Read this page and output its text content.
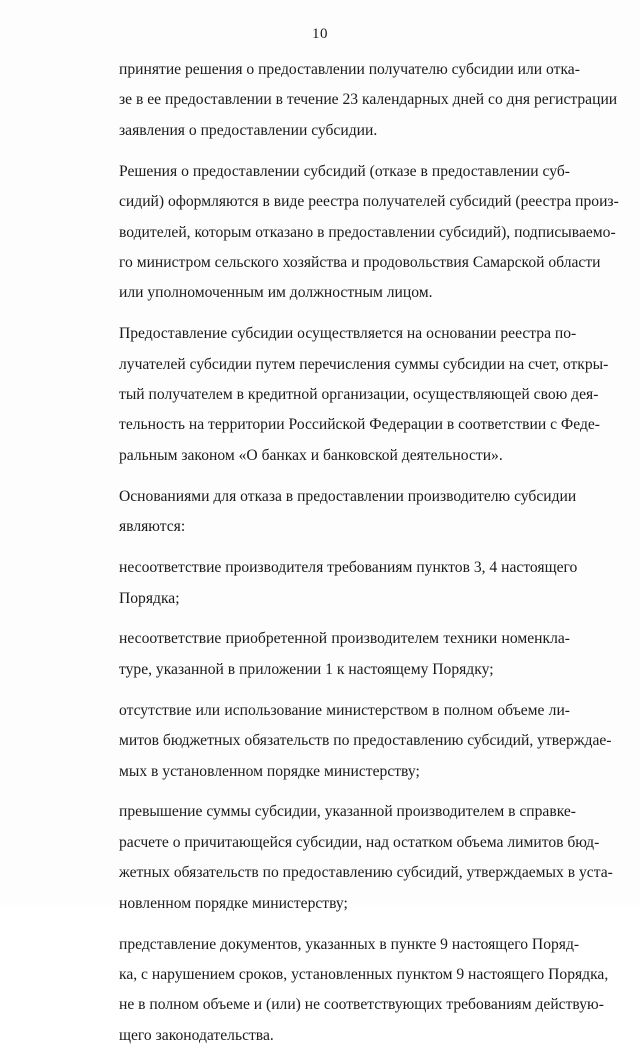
10
принятие решения о предоставлении получателю субсидии или отка-
зе в ее предоставлении в течение 23 календарных дней со дня регистрации
заявления о предоставлении субсидии.
Решения о предоставлении субсидий (отказе в предоставлении суб-
сидий) оформляются в виде реестра получателей субсидий (реестра произ-
водителей, которым отказано в предоставлении субсидий), подписываемо-
го министром сельского хозяйства и продовольствия Самарской области
или уполномоченным им должностным лицом.
Предоставление субсидии осуществляется на основании реестра по-
лучателей субсидии путем перечисления суммы субсидии на счет, откры-
тый получателем в кредитной организации, осуществляющей свою дея-
тельность на территории Российской Федерации в соответствии с Феде-
ральным законом «О банках и банковской деятельности».
Основаниями для отказа в предоставлении производителю субсидии
являются:
несоответствие производителя требованиям пунктов 3, 4 настоящего
Порядка;
несоответствие приобретенной производителем техники номенкла-
туре, указанной в приложении 1 к настоящему Порядку;
отсутствие или использование министерством в полном объеме ли-
митов бюджетных обязательств по предоставлению субсидий, утверждае-
мых в установленном порядке министерству;
превышение суммы субсидии, указанной производителем в справке-
расчете о причитающейся субсидии, над остатком объема лимитов бюд-
жетных обязательств по предоставлению субсидий, утверждаемых в уста-
новленном порядке министерству;
представление документов, указанных в пункте 9 настоящего Поряд-
ка, с нарушением сроков, установленных пунктом 9 настоящего Порядка,
не в полном объеме и (или) не соответствующих требованиям действую-
щего законодательства.
